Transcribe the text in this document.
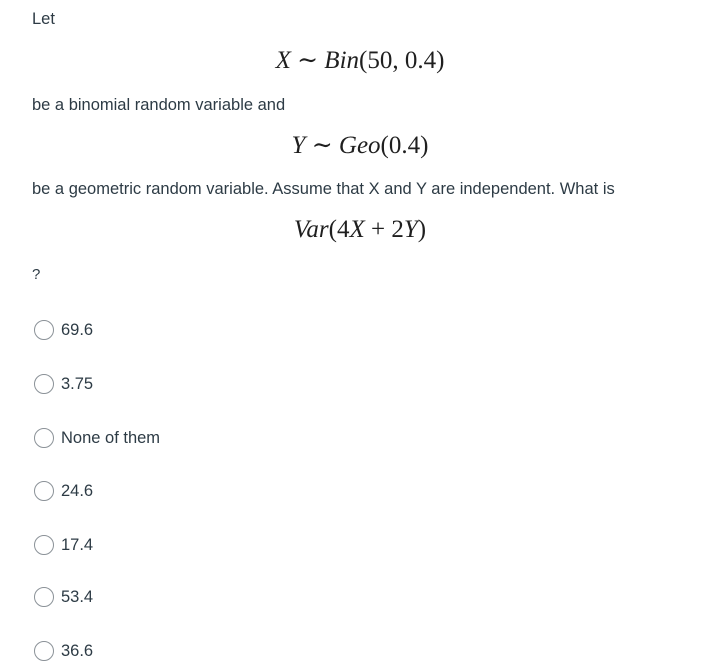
Let
X ∼ Bin(50, 0.4)
be a binomial random variable and
Y ∼ Geo(0.4)
be a geometric random variable. Assume that X and Y are independent. What is
Var(4X + 2Y)
?
69.6
3.75
None of them
24.6
17.4
53.4
36.6
